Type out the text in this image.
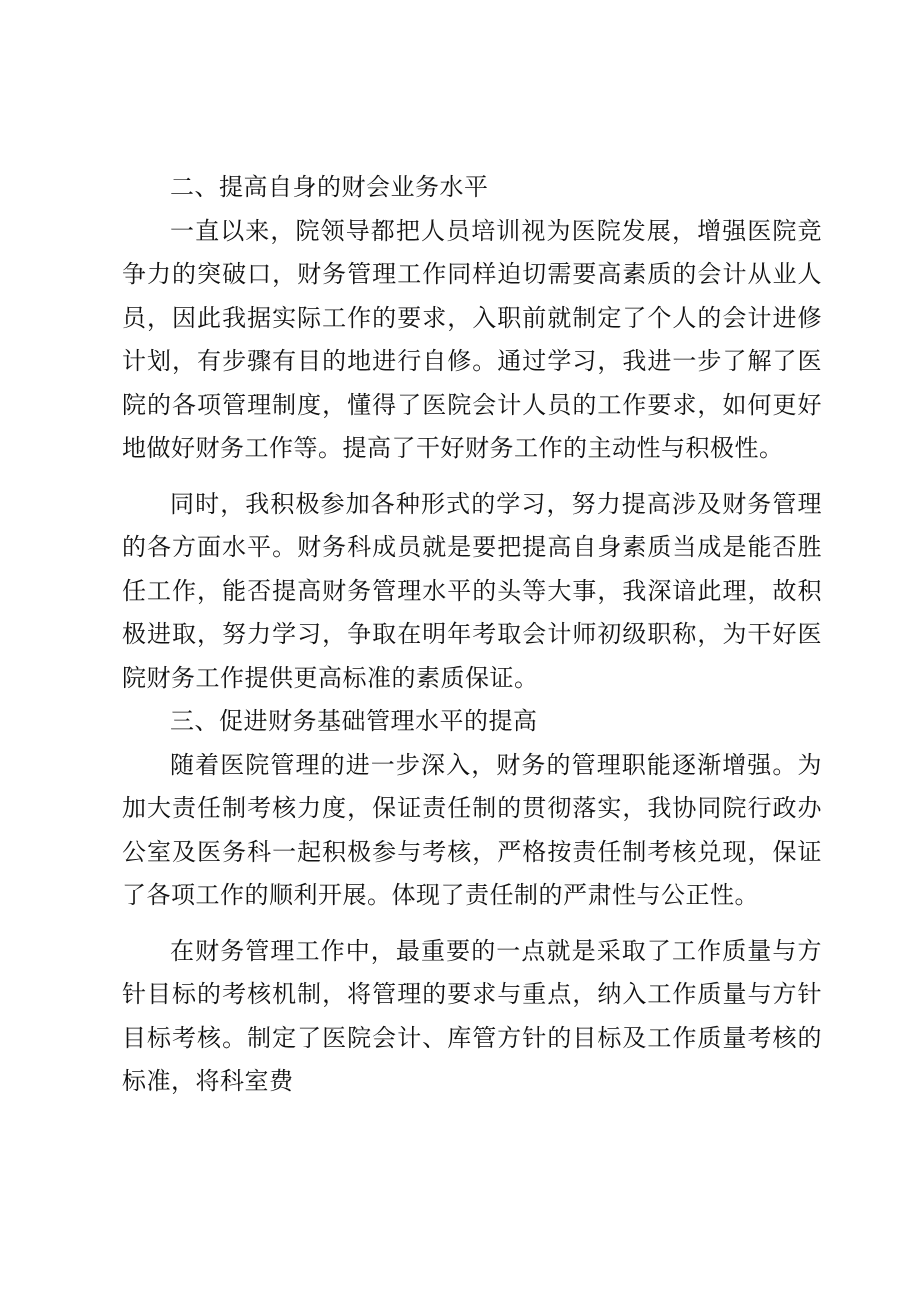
二、提高自身的财会业务水平

一直以来，院领导都把人员培训视为医院发展，增强医院竞争力的突破口，财务管理工作同样迫切需要高素质的会计从业人员，因此我据实际工作的要求，入职前就制定了个人的会计进修计划，有步骤有目的地进行自修。通过学习，我进一步了解了医院的各项管理制度，懂得了医院会计人员的工作要求，如何更好地做好财务工作等。提高了干好财务工作的主动性与积极性。

同时，我积极参加各种形式的学习，努力提高涉及财务管理的各方面水平。财务科成员就是要把提高自身素质当成是能否胜任工作，能否提高财务管理水平的头等大事，我深谙此理，故积极进取，努力学习，争取在明年考取会计师初级职称，为干好医院财务工作提供更高标准的素质保证。

三、促进财务基础管理水平的提高

随着医院管理的进一步深入，财务的管理职能逐渐增强。为加大责任制考核力度，保证责任制的贯彻落实，我协同院行政办公室及医务科一起积极参与考核，严格按责任制考核兑现，保证了各项工作的顺利开展。体现了责任制的严肃性与公正性。

在财务管理工作中，最重要的一点就是采取了工作质量与方针目标的考核机制，将管理的要求与重点，纳入工作质量与方针目标考核。制定了医院会计、库管方针的目标及工作质量考核的标准，将科室费
